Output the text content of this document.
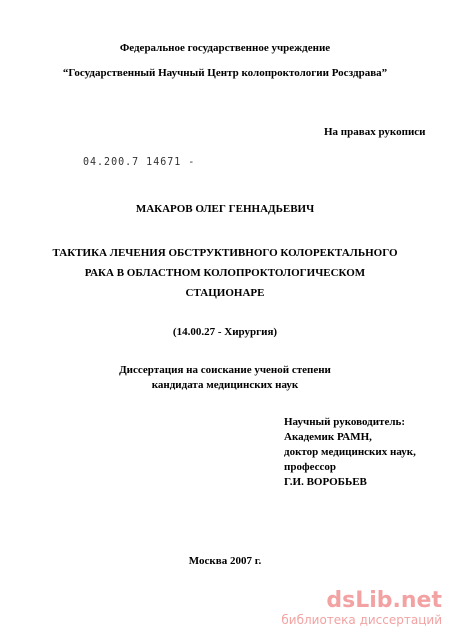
Федеральное государственное учреждение
“Государственный Научный Центр колопроктологии Росздрава”
На правах рукописи
04.200.7 14671 -
МАКАРОВ ОЛЕГ ГЕННАДЬЕВИЧ
ТАКТИКА ЛЕЧЕНИЯ ОБСТРУКТИВНОГО КОЛОРЕКТАЛЬНОГО
РАКА В ОБЛАСТНОМ КОЛОПРОКТОЛОГИЧЕСКОМ
СТАЦИОНАРЕ
(14.00.27 - Хирургия)
Диссертация на соискание ученой степени
кандидата медицинских наук
Научный руководитель:
Академик РАМН,
доктор медицинских наук,
профессор
Г.И. ВОРОБЬЕВ
Москва 2007 г.
dsLib.net
библиотека диссертаций
